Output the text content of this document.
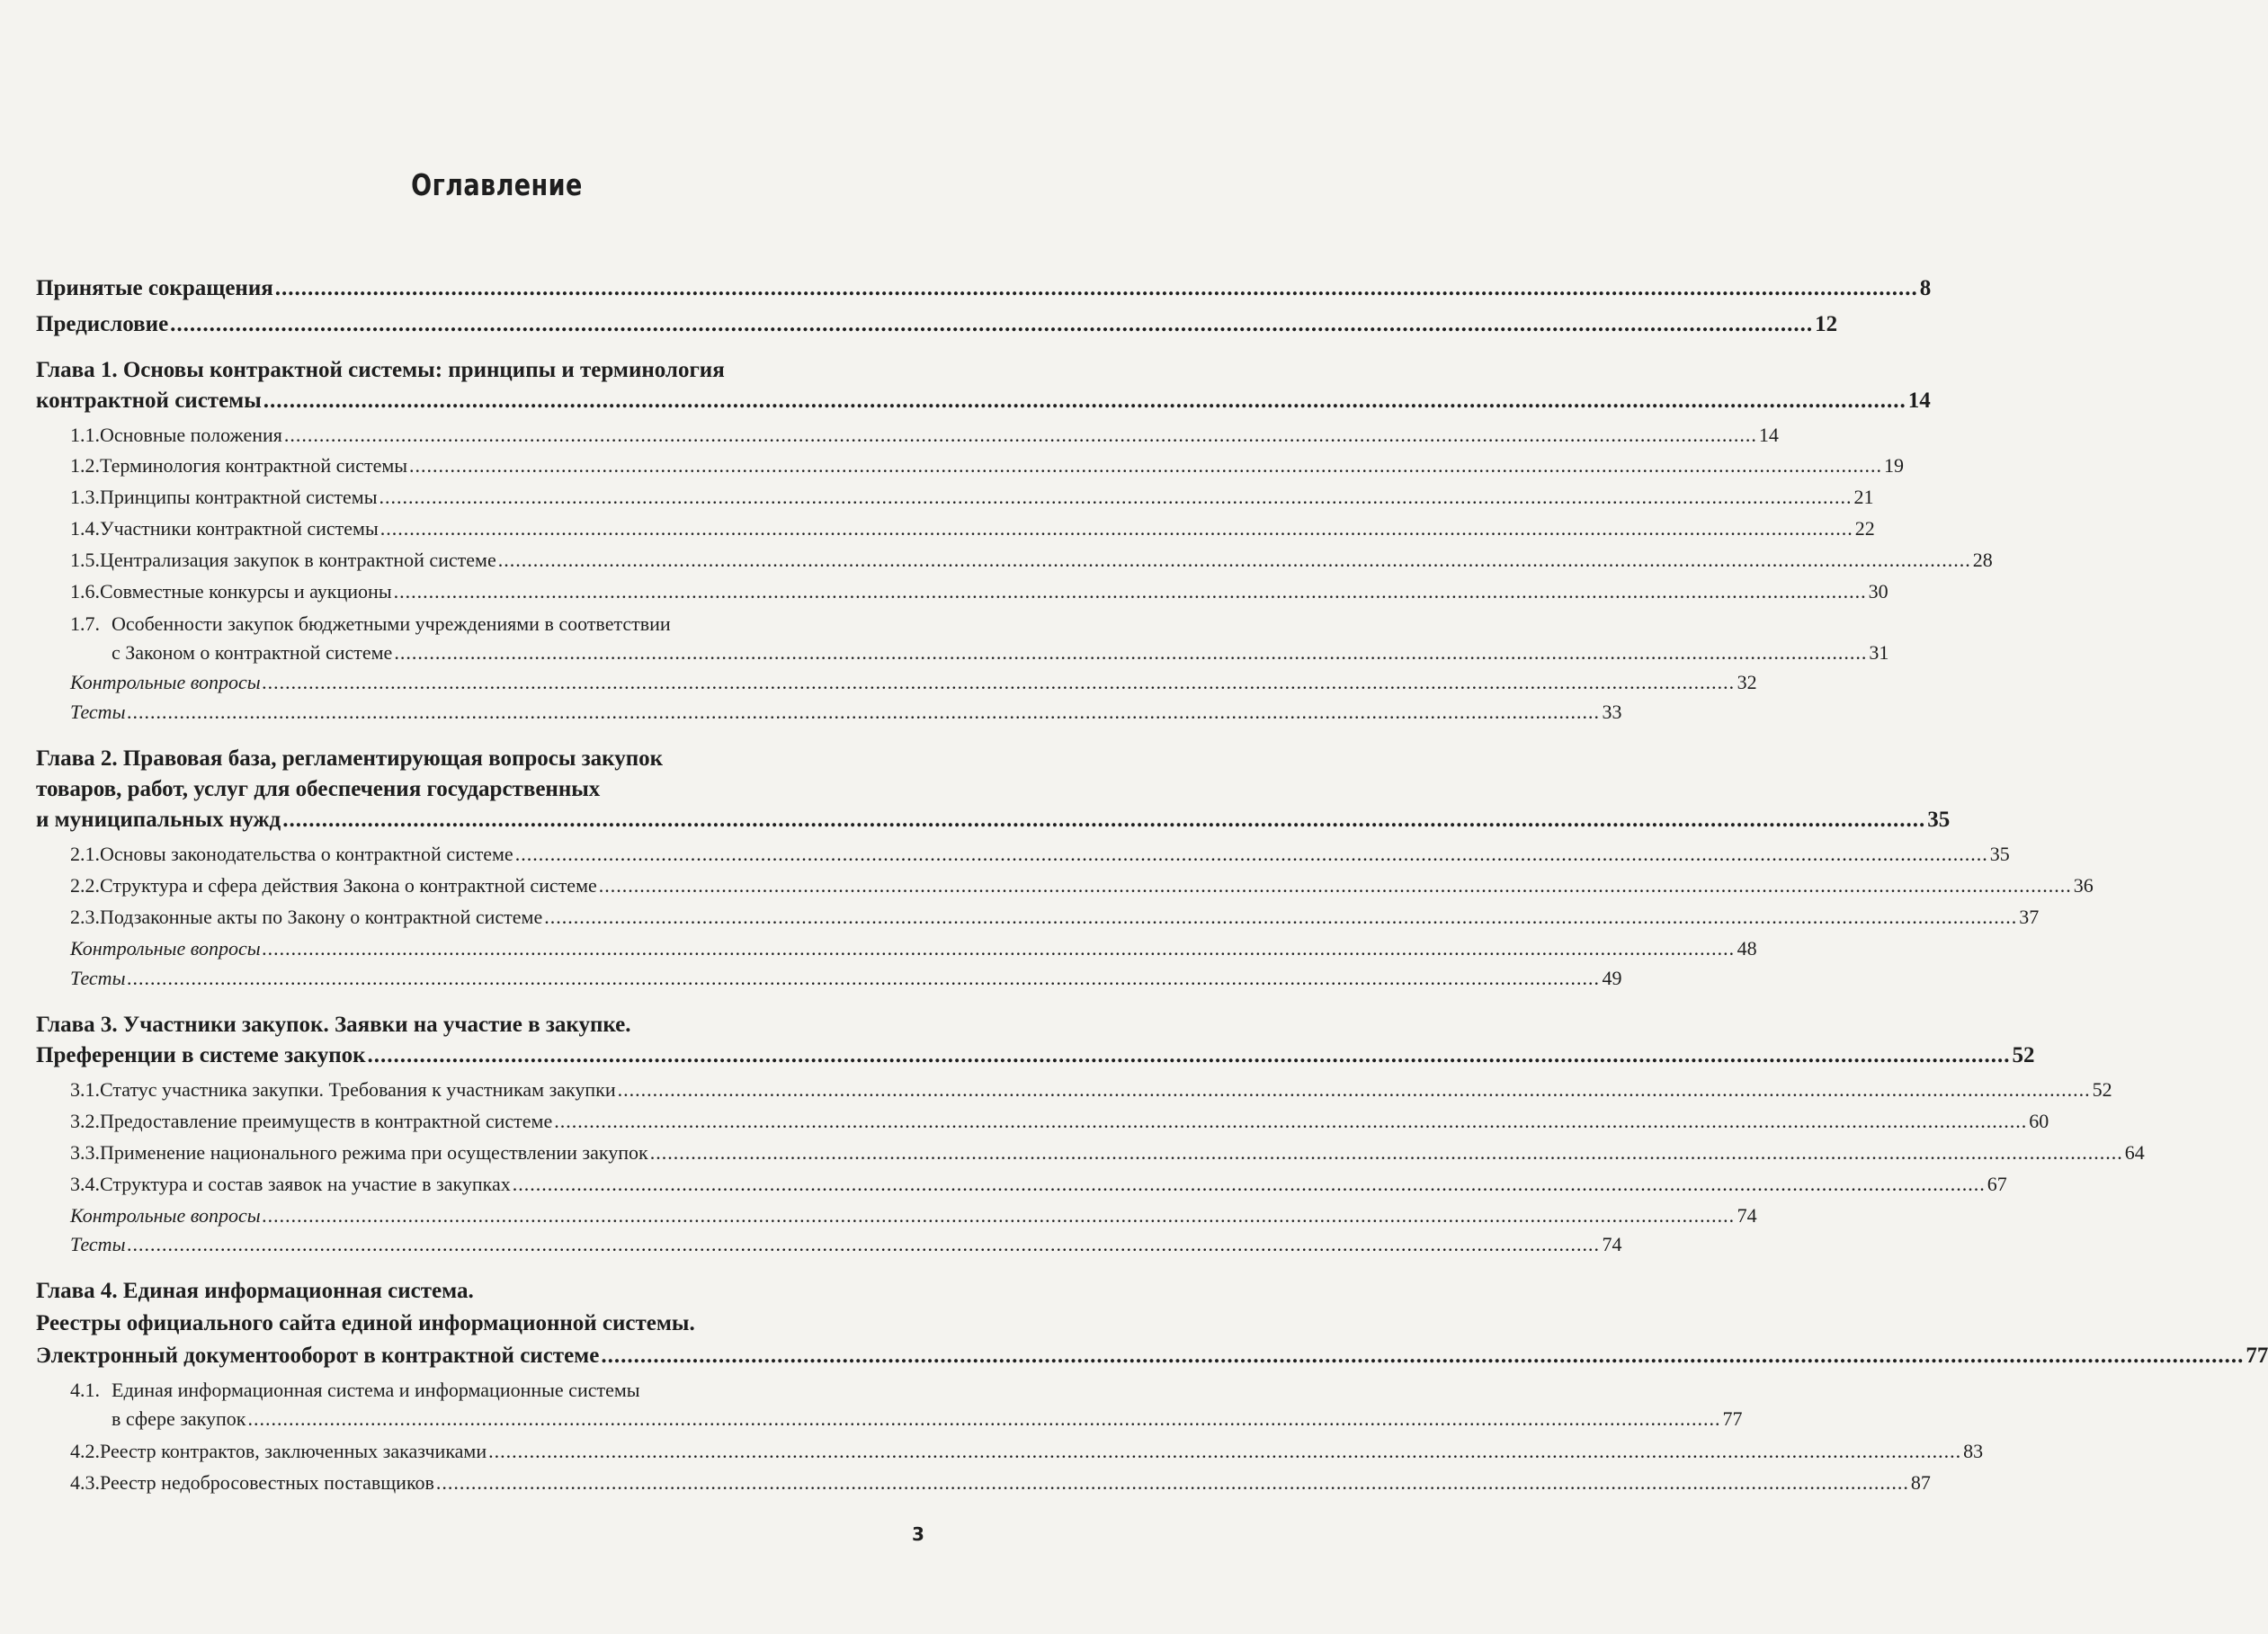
Оглавление
Принятые сокращения .....	8
Предисловие .....	12
Глава 1. Основы контрактной системы: принципы и терминология
контрактной системы .....	14
1.1. Основные положения .....	14
1.2. Терминология контрактной системы .....	19
1.3. Принципы контрактной системы .....	21
1.4. Участники контрактной системы .....	22
1.5. Централизация закупок в контрактной системе .....	28
1.6. Совместные конкурсы и аукционы .....	30
1.7. Особенности закупок бюджетными учреждениями в соответствии
с Законом о контрактной системе .....	31
Контрольные вопросы .....	32
Тесты .....	33
Глава 2. Правовая база, регламентирующая вопросы закупок
товаров, работ, услуг для обеспечения государственных
и муниципальных нужд .....	35
2.1. Основы законодательства о контрактной системе .....	35
2.2. Структура и сфера действия Закона о контрактной системе .....	36
2.3. Подзаконные акты по Закону о контрактной системе .....	37
Контрольные вопросы .....	48
Тесты .....	49
Глава 3. Участники закупок. Заявки на участие в закупке.
Преференции в системе закупок .....	52
3.1. Статус участника закупки. Требования к участникам закупки .....	52
3.2. Предоставление преимуществ в контрактной системе .....	60
3.3. Применение национального режима при осуществлении закупок .....	64
3.4. Структура и состав заявок на участие в закупках .....	67
Контрольные вопросы .....	74
Тесты .....	74
Глава 4. Единая информационная система.
Реестры официального сайта единой информационной системы.
Электронный документооборот в контрактной системе .....	77
4.1. Единая информационная система и информационные системы
в сфере закупок .....	77
4.2. Реестр контрактов, заключенных заказчиками .....	83
4.3. Реестр недобросовестных поставщиков .....	87
3
